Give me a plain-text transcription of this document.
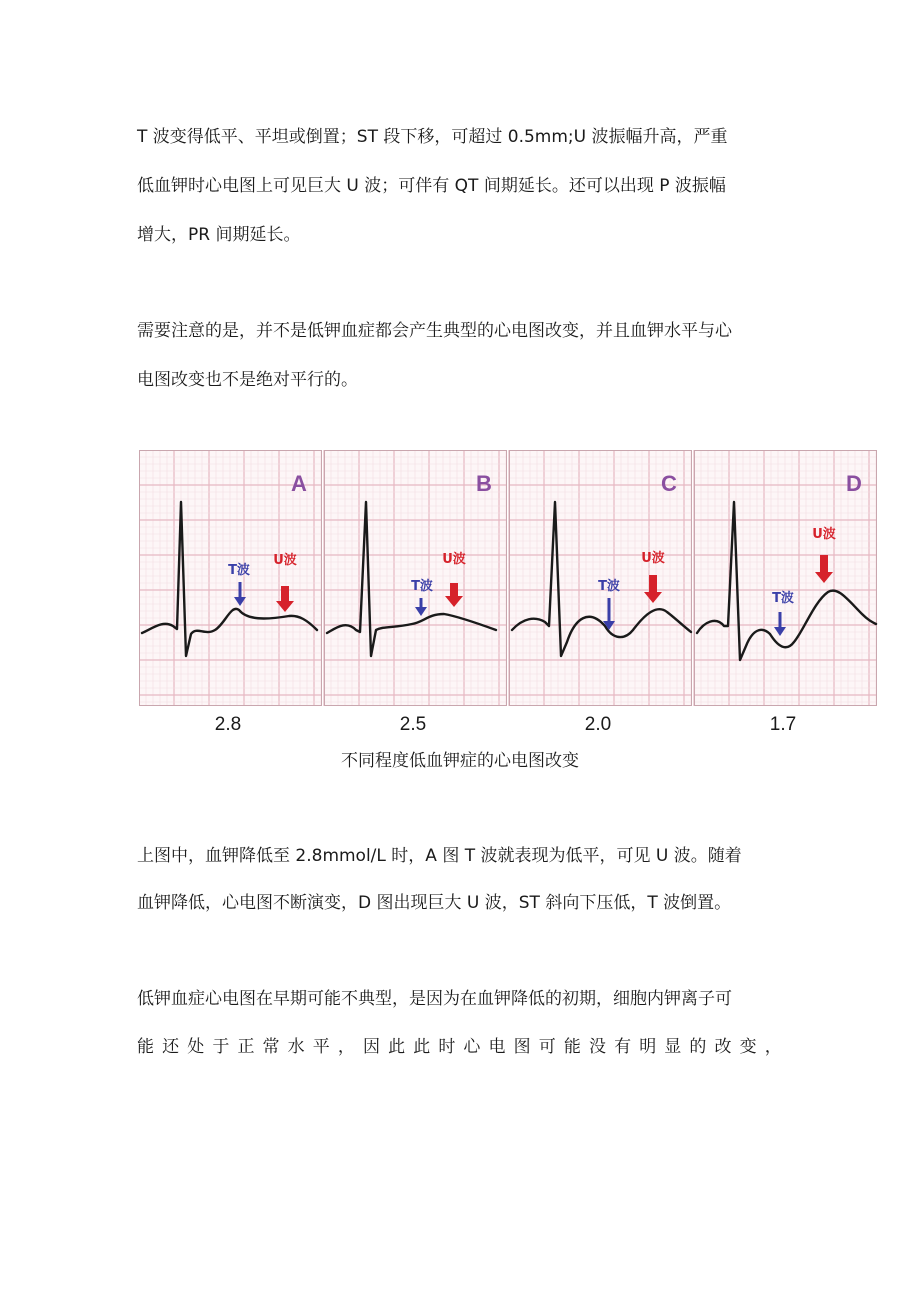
T 波变得低平、平坦或倒置；ST 段下移，可超过 0.5mm;U 波振幅升高，严重
低血钾时心电图上可见巨大 U 波；可伴有 QT 间期延长。还可以出现 P 波振幅
增大，PR 间期延长。
需要注意的是，并不是低钾血症都会产生典型的心电图改变，并且血钾水平与心
电图改变也不是绝对平行的。
A
T波
U波
B
T波
U波
C
T波
U波
D
T波
U波
2.8	2.5	2.0	1.7
不同程度低血钾症的心电图改变
上图中，血钾降低至 2.8mmol/L 时，A 图 T 波就表现为低平，可见 U 波。随着
血钾降低，心电图不断演变，D 图出现巨大 U 波，ST 斜向下压低，T 波倒置。
低钾血症心电图在早期可能不典型，是因为在血钾降低的初期，细胞内钾离子可
能 还 处 于 正 常 水 平 ， 因 此 此 时 心 电 图 可 能 没 有 明 显 的 改 变 ，
